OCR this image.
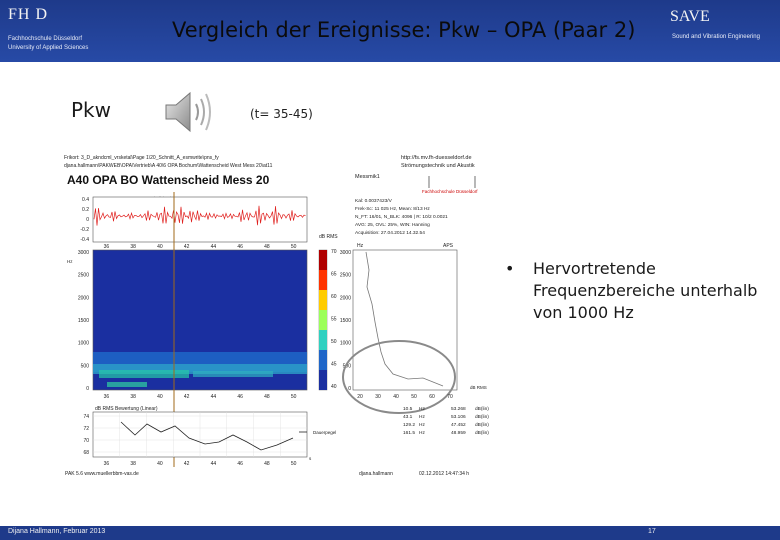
FH D
Fachhochschule Düsseldorf
University of Applied Sciences
Vergleich der Ereignisse: Pkw – OPA (Paar 2)
SAVE
Sound and Vibration Engineering
Pkw	(t= 35-45)
Frikort: 3_D_akndcml_vrsketal\Page 1\20_Schnitt_A_esmwrite\pns_fy
djana.hallmann\PAKWEB\OPA\Vertrieb\A 40\6 OPA Bochum\Wattenscheid West Mess 20\at11
http://fs.mv.fh-duesseldorf.de
Strömungstechnik und Akustik
A40 OPA BO Wattenscheid Mess 20	Messmik1
Fachhochschule Düsseldorf
Kal: 0.0037423/V
Frek-Sc: 11 025 Hz, Mean: 8/13 Hz
N_FT: 16/01, N_BLK: 4096 | R: 10/2 0.0021
AVG: 25, OVL: 25%, WIN: Hanning
Acquisition: 27.04.2012 14.32.54
0.4
0.2
0
-0.2
-0.4
36	38	40	42	44	46	48	50
3000
2500
2000
1500
1000
500
0
Hz
36	38	40	42	44	46	48	50
dB RMS
70
65
60
55
50
45
40
Hz	APS
3000
2500
2000
1500
1000
500
0
20 30 40 50 60 70
dB RMS
dB RMS Bewertung (Linear)
74
72
70
68
Dauerpegel
36	38	40	42	44	46	48	50
s
10.5 Hz	53.268 dB(lin)
43.1 Hz	53.106 dB(lin)
129.2 Hz	47.452 dB(lin)
161.5 Hz	48.959 dB(lin)
PAK 5.6 www.muellerbbm-vas.de	djana.hallmann	02.12.2012 14:47:34 h
• Hervortretende Frequenzbereiche unterhalb von 1000 Hz
Dijana Hallmann, Februar 2013	17
